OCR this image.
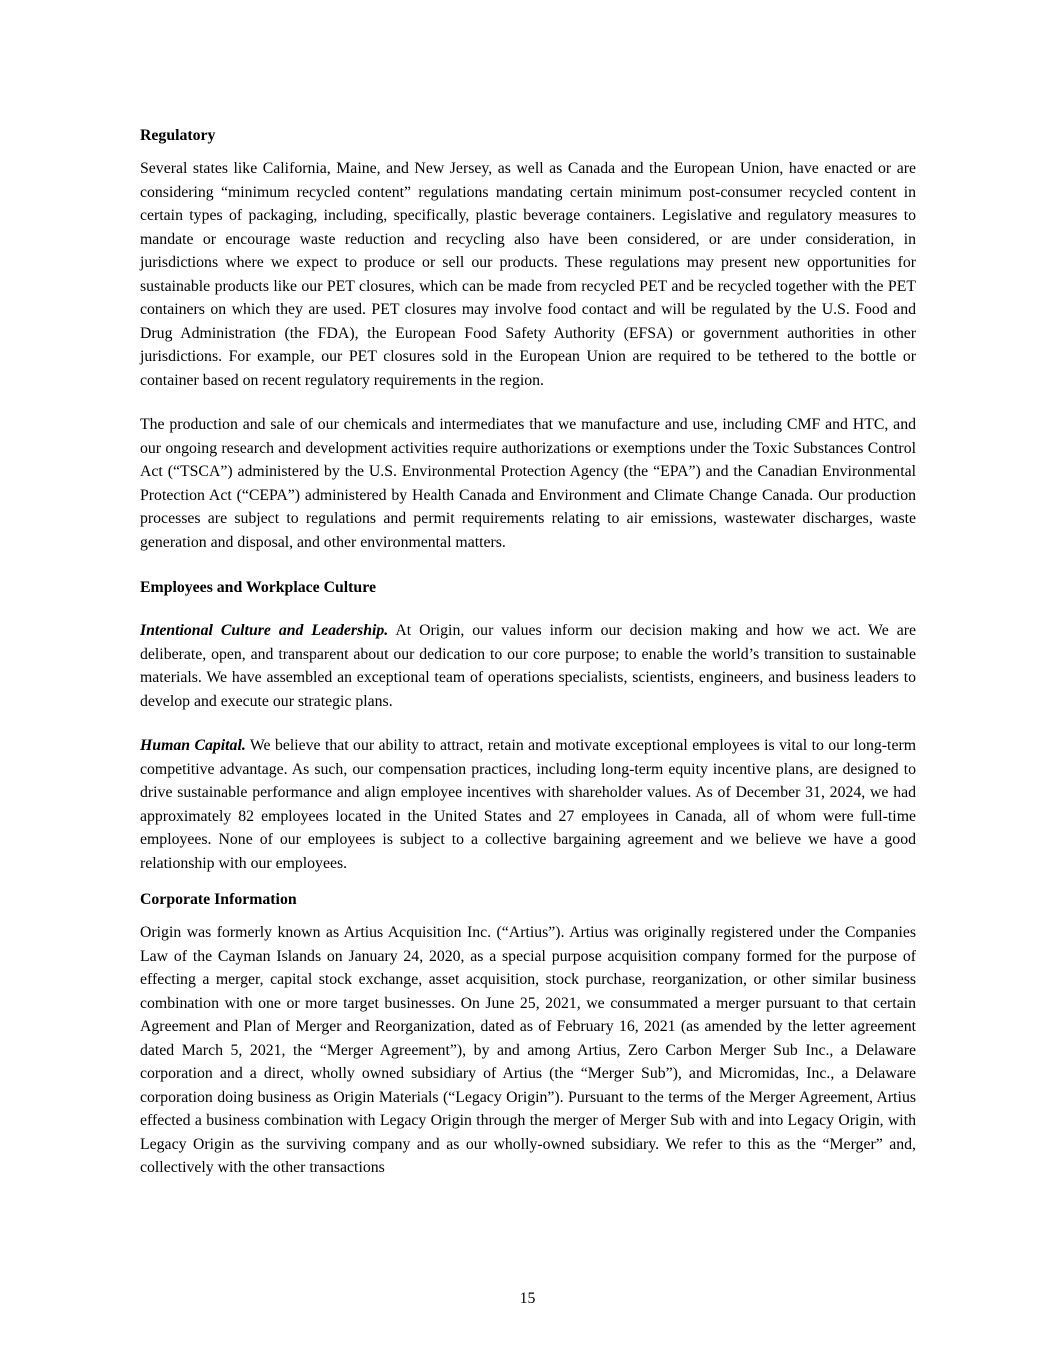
Regulatory

Several states like California, Maine, and New Jersey, as well as Canada and the European Union, have enacted or are considering “minimum recycled content” regulations mandating certain minimum post-consumer recycled content in certain types of packaging, including, specifically, plastic beverage containers. Legislative and regulatory measures to mandate or encourage waste reduction and recycling also have been considered, or are under consideration, in jurisdictions where we expect to produce or sell our products. These regulations may present new opportunities for sustainable products like our PET closures, which can be made from recycled PET and be recycled together with the PET containers on which they are used. PET closures may involve food contact and will be regulated by the U.S. Food and Drug Administration (the FDA), the European Food Safety Authority (EFSA) or government authorities in other jurisdictions. For example, our PET closures sold in the European Union are required to be tethered to the bottle or container based on recent regulatory requirements in the region.

The production and sale of our chemicals and intermediates that we manufacture and use, including CMF and HTC, and our ongoing research and development activities require authorizations or exemptions under the Toxic Substances Control Act (“TSCA”) administered by the U.S. Environmental Protection Agency (the “EPA”) and the Canadian Environmental Protection Act (“CEPA”) administered by Health Canada and Environment and Climate Change Canada. Our production processes are subject to regulations and permit requirements relating to air emissions, wastewater discharges, waste generation and disposal, and other environmental matters.

Employees and Workplace Culture

Intentional Culture and Leadership. At Origin, our values inform our decision making and how we act. We are deliberate, open, and transparent about our dedication to our core purpose; to enable the world’s transition to sustainable materials. We have assembled an exceptional team of operations specialists, scientists, engineers, and business leaders to develop and execute our strategic plans.

Human Capital. We believe that our ability to attract, retain and motivate exceptional employees is vital to our long-term competitive advantage. As such, our compensation practices, including long-term equity incentive plans, are designed to drive sustainable performance and align employee incentives with shareholder values. As of December 31, 2024, we had approximately 82 employees located in the United States and 27 employees in Canada, all of whom were full-time employees. None of our employees is subject to a collective bargaining agreement and we believe we have a good relationship with our employees.

Corporate Information

Origin was formerly known as Artius Acquisition Inc. (“Artius”). Artius was originally registered under the Companies Law of the Cayman Islands on January 24, 2020, as a special purpose acquisition company formed for the purpose of effecting a merger, capital stock exchange, asset acquisition, stock purchase, reorganization, or other similar business combination with one or more target businesses. On June 25, 2021, we consummated a merger pursuant to that certain Agreement and Plan of Merger and Reorganization, dated as of February 16, 2021 (as amended by the letter agreement dated March 5, 2021, the “Merger Agreement”), by and among Artius, Zero Carbon Merger Sub Inc., a Delaware corporation and a direct, wholly owned subsidiary of Artius (the “Merger Sub”), and Micromidas, Inc., a Delaware corporation doing business as Origin Materials (“Legacy Origin”). Pursuant to the terms of the Merger Agreement, Artius effected a business combination with Legacy Origin through the merger of Merger Sub with and into Legacy Origin, with Legacy Origin as the surviving company and as our wholly-owned subsidiary. We refer to this as the “Merger” and, collectively with the other transactions

15
